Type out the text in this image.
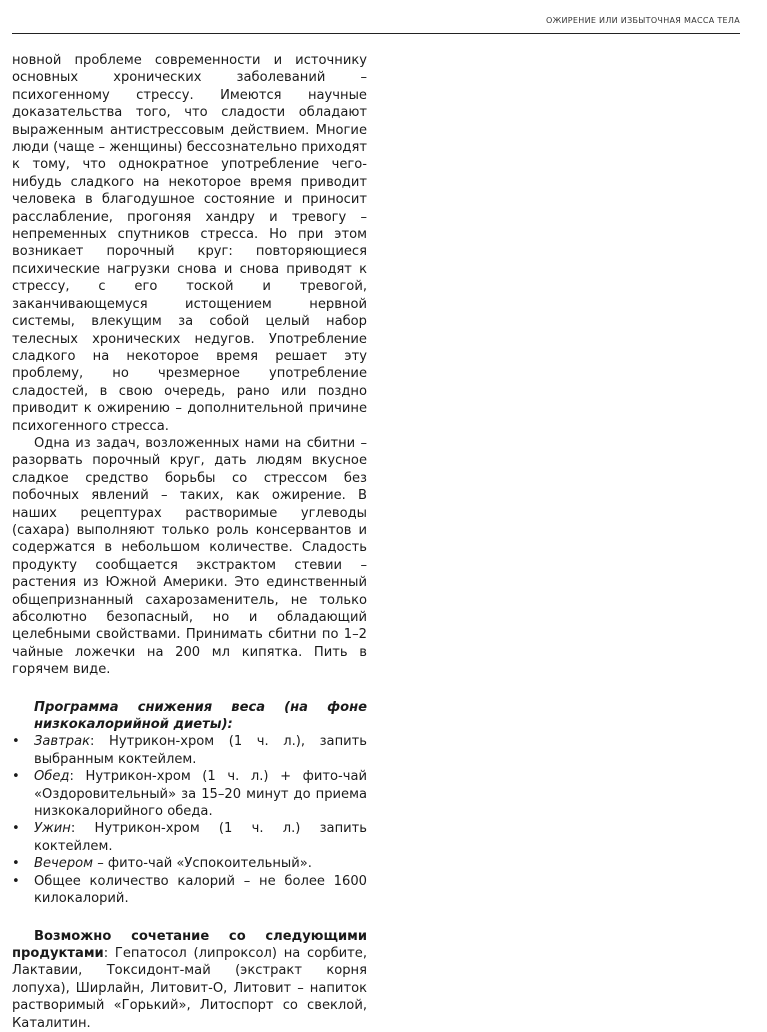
ОЖИРЕНИЕ ИЛИ ИЗБЫТОЧНАЯ МАССА ТЕЛА

новной проблеме современности и источнику основных хронических заболеваний – психогенному стрессу. Имеются научные доказательства того, что сладости обладают выраженным антистрессовым действием. Многие люди (чаще – женщины) бессознательно приходят к тому, что однократное употребление чего-нибудь сладкого на некоторое время приводит человека в благодушное состояние и приносит расслабление, прогоняя хандру и тревогу – непременных спутников стресса. Но при этом возникает порочный круг: повторяющиеся психические нагрузки снова и снова приводят к стрессу, с его тоской и тревогой, заканчивающемуся истощением нервной системы, влекущим за собой целый набор телесных хронических недугов. Употребление сладкого на некоторое время решает эту проблему, но чрезмерное употребление сладостей, в свою очередь, рано или поздно приводит к ожирению – дополнительной причине психогенного стресса.

Одна из задач, возложенных нами на сбитни – разорвать порочный круг, дать людям вкусное сладкое средство борьбы со стрессом без побочных явлений – таких, как ожирение. В наших рецептурах растворимые углеводы (сахара) выполняют только роль консервантов и содержатся в небольшом количестве. Сладость продукту сообщается экстрактом стевии – растения из Южной Америки. Это единственный общепризнанный сахарозаменитель, не только абсолютно безопасный, но и обладающий целебными свойствами. Принимать сбитни по 1–2 чайные ложечки на 200 мл кипятка. Пить в горячем виде.

Программа снижения веса (на фоне низкокалорийной диеты):

• Завтрак: Нутрикон-хром (1 ч. л.), запить выбранным коктейлем.
• Обед: Нутрикон-хром (1 ч. л.) + фито-чай «Оздоровительный» за 15–20 минут до приема низкокалорийного обеда.
• Ужин: Нутрикон-хром (1 ч. л.) запить коктейлем.
• Вечером – фито-чай «Успокоительный».
• Общее количество калорий – не более 1600 килокалорий.

Возможно сочетание со следующими продуктами: Гепатосол (липроксол) на сорбите, Лактавии, Токсидонт-май (экстракт корня лопуха), Ширлайн, Литовит-О, Литовит – напиток растворимый «Горький», Литоспорт со свеклой, Каталитин.
